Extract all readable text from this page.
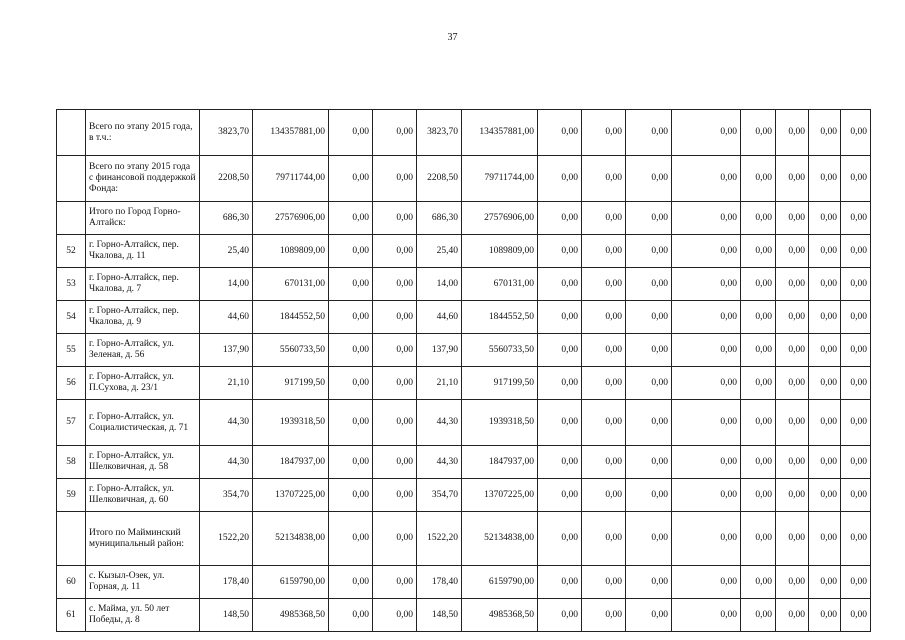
37
	Всего по этапу 2015 года, в т.ч.:	3823,70	134357881,00	0,00	0,00	3823,70	134357881,00	0,00	0,00	0,00	0,00	0,00	0,00	0,00	0,00
	Всего по этапу 2015 года с финансовой поддержкой Фонда:	2208,50	79711744,00	0,00	0,00	2208,50	79711744,00	0,00	0,00	0,00	0,00	0,00	0,00	0,00	0,00
	Итого по Город Горно-Алтайск:	686,30	27576906,00	0,00	0,00	686,30	27576906,00	0,00	0,00	0,00	0,00	0,00	0,00	0,00	0,00
52	г. Горно-Алтайск, пер. Чкалова, д. 11	25,40	1089809,00	0,00	0,00	25,40	1089809,00	0,00	0,00	0,00	0,00	0,00	0,00	0,00	0,00
53	г. Горно-Алтайск, пер. Чкалова, д. 7	14,00	670131,00	0,00	0,00	14,00	670131,00	0,00	0,00	0,00	0,00	0,00	0,00	0,00	0,00
54	г. Горно-Алтайск, пер. Чкалова, д. 9	44,60	1844552,50	0,00	0,00	44,60	1844552,50	0,00	0,00	0,00	0,00	0,00	0,00	0,00	0,00
55	г. Горно-Алтайск, ул. Зеленая, д. 56	137,90	5560733,50	0,00	0,00	137,90	5560733,50	0,00	0,00	0,00	0,00	0,00	0,00	0,00	0,00
56	г. Горно-Алтайск, ул. П.Сухова, д. 23/1	21,10	917199,50	0,00	0,00	21,10	917199,50	0,00	0,00	0,00	0,00	0,00	0,00	0,00	0,00
57	г. Горно-Алтайск, ул. Социалистическая, д. 71	44,30	1939318,50	0,00	0,00	44,30	1939318,50	0,00	0,00	0,00	0,00	0,00	0,00	0,00	0,00
58	г. Горно-Алтайск, ул. Шелковичная, д. 58	44,30	1847937,00	0,00	0,00	44,30	1847937,00	0,00	0,00	0,00	0,00	0,00	0,00	0,00	0,00
59	г. Горно-Алтайск, ул. Шелковичная, д. 60	354,70	13707225,00	0,00	0,00	354,70	13707225,00	0,00	0,00	0,00	0,00	0,00	0,00	0,00	0,00
	Итого по Майминский муниципальный район:	1522,20	52134838,00	0,00	0,00	1522,20	52134838,00	0,00	0,00	0,00	0,00	0,00	0,00	0,00	0,00
60	с. Кызыл-Озек, ул. Горная, д. 11	178,40	6159790,00	0,00	0,00	178,40	6159790,00	0,00	0,00	0,00	0,00	0,00	0,00	0,00	0,00
61	с. Майма, ул. 50 лет Победы, д. 8	148,50	4985368,50	0,00	0,00	148,50	4985368,50	0,00	0,00	0,00	0,00	0,00	0,00	0,00	0,00
